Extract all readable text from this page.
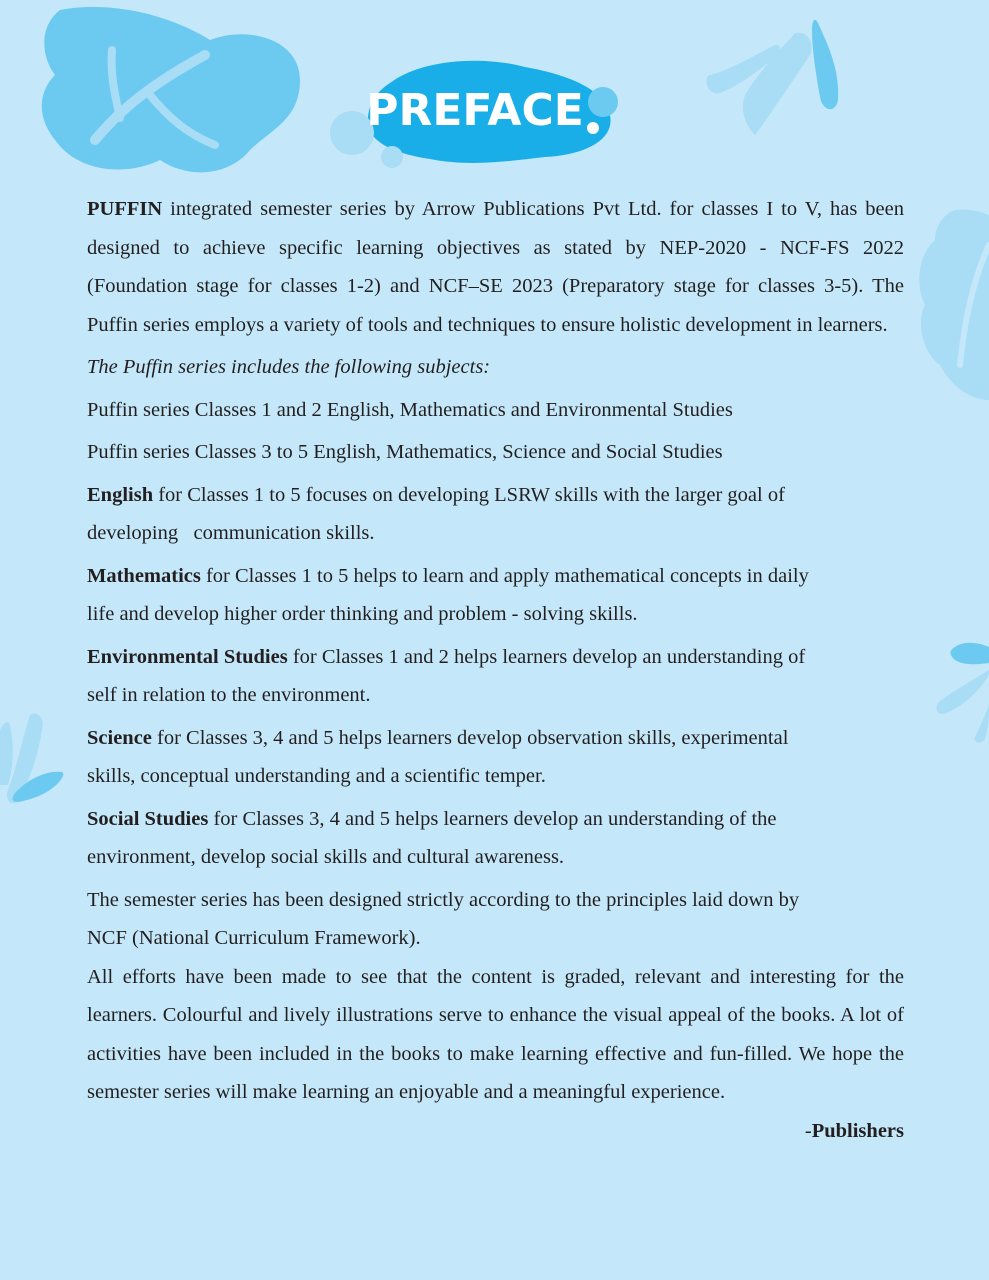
PREFACE

PUFFIN integrated semester series by Arrow Publications Pvt Ltd. for classes I to V, has been designed to achieve specific learning objectives as stated by NEP-2020 - NCF-FS 2022 (Foundation stage for classes 1-2) and NCF–SE 2023 (Preparatory stage for classes 3-5). The Puffin series employs a variety of tools and techniques to ensure holistic development in learners.

The Puffin series includes the following subjects:

Puffin series Classes 1 and 2 English, Mathematics and Environmental Studies

Puffin series Classes 3 to 5 English, Mathematics, Science and Social Studies

English for Classes 1 to 5 focuses on developing LSRW skills with the larger goal of
developing   communication skills.

Mathematics for Classes 1 to 5 helps to learn and apply mathematical concepts in daily
life and develop higher order thinking and problem - solving skills.

Environmental Studies for Classes 1 and 2 helps learners develop an understanding of
self in relation to the environment.

Science for Classes 3, 4 and 5 helps learners develop observation skills, experimental
skills, conceptual understanding and a scientific temper.

Social Studies for Classes 3, 4 and 5 helps learners develop an understanding of the
environment, develop social skills and cultural awareness.

The semester series has been designed strictly according to the principles laid down by
NCF (National Curriculum Framework).

All efforts have been made to see that the content is graded, relevant and interesting for the learners. Colourful and lively illustrations serve to enhance the visual appeal of the books. A lot of activities have been included in the books to make learning effective and fun-filled. We hope the semester series will make learning an enjoyable and a meaningful experience.

-Publishers
